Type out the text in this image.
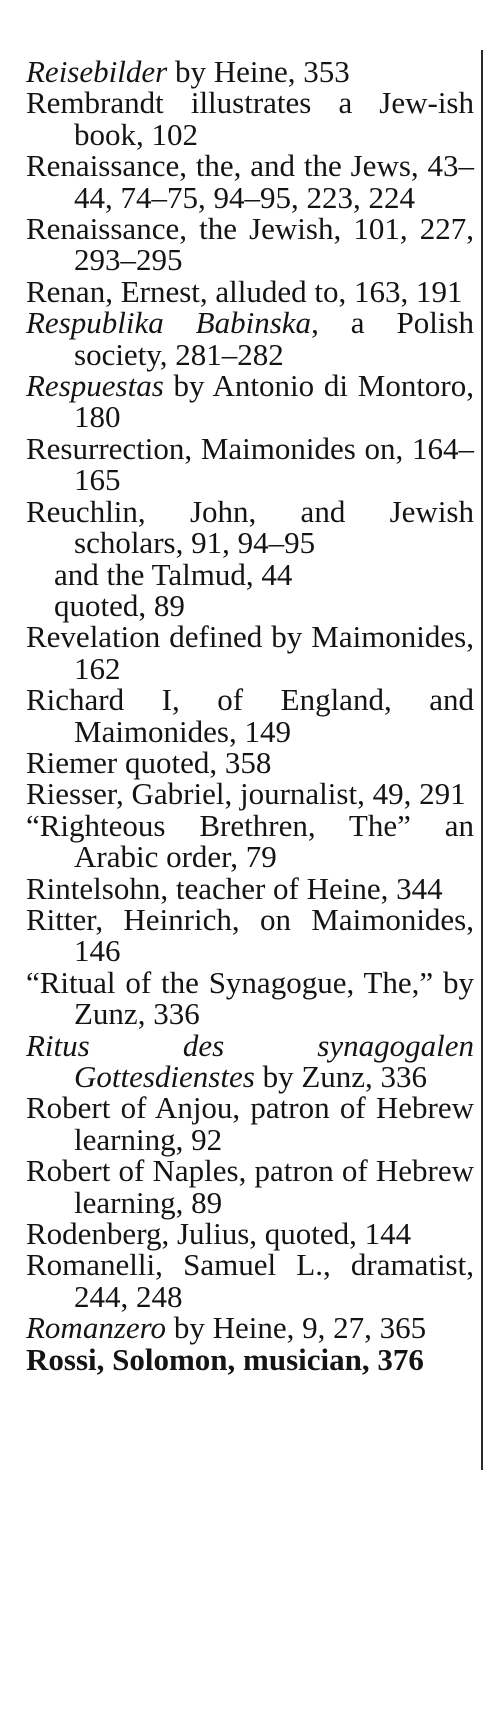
Reisebilder by Heine, 353
Rembrandt illustrates a Jew-ish book, 102
Renaissance, the, and the Jews, 43–44, 74–75, 94–95, 223, 224
Renaissance, the Jewish, 101, 227, 293–295
Renan, Ernest, alluded to, 163, 191
Respublika Babinska, a Polish society, 281–282
Respuestas by Antonio di Montoro, 180
Resurrection, Maimonides on, 164–165
Reuchlin, John, and Jewish scholars, 91, 94–95
and the Talmud, 44
quoted, 89
Revelation defined by Maimonides, 162
Richard I, of England, and Maimonides, 149
Riemer quoted, 358
Riesser, Gabriel, journalist, 49, 291
“Righteous Brethren, The” an Arabic order, 79
Rintelsohn, teacher of Heine, 344
Ritter, Heinrich, on Maimonides, 146
“Ritual of the Synagogue, The,” by Zunz, 336
Ritus des synagogalen Gottesdienstes by Zunz, 336
Robert of Anjou, patron of Hebrew learning, 92
Robert of Naples, patron of Hebrew learning, 89
Rodenberg, Julius, quoted, 144
Romanelli, Samuel L., dramatist, 244, 248
Romanzero by Heine, 9, 27, 365
Rossi, Solomon, musician, 376
